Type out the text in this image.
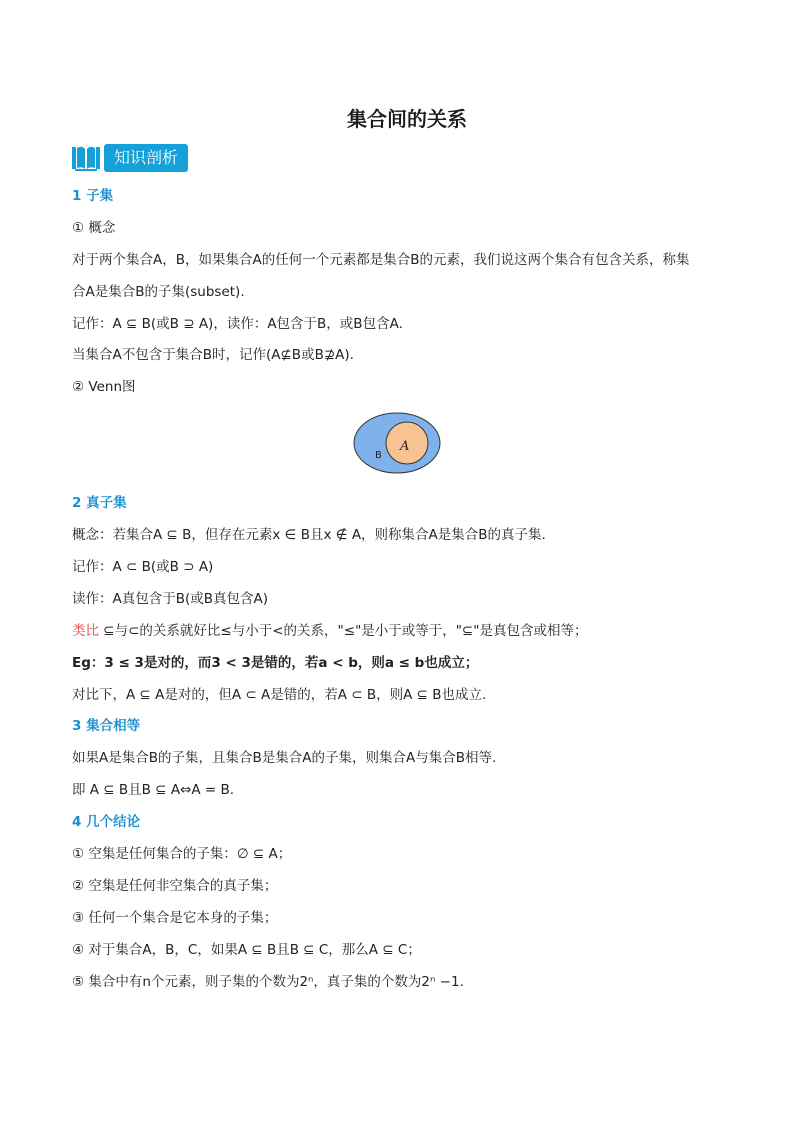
集合间的关系
知识剖析
1 子集
① 概念
对于两个集合A，B，如果集合A的任何一个元素都是集合B的元素，我们说这两个集合有包含关系，称集
合A是集合B的子集(subset).
记作：A ⊆ B(或B ⊇ A)，读作：A包含于B，或B包含A.
当集合A不包含于集合B时，记作(A⊈B或B⊉A).
② Venn图
B
A
2 真子集
概念：若集合A ⊆ B，但存在元素x ∈ B且x ∉ A，则称集合A是集合B的真子集.
记作：A ⊂ B(或B ⊃ A)
读作：A真包含于B(或B真包含A)
类比 ⊆与⊂的关系就好比≤与小于<的关系，"≤"是小于或等于，"⊆"是真包含或相等；
Eg：3 ≤ 3是对的，而3 < 3是错的，若a < b，则a ≤ b也成立；
对比下，A ⊆ A是对的，但A ⊂ A是错的，若A ⊂ B，则A ⊆ B也成立.
3 集合相等
如果A是集合B的子集，且集合B是集合A的子集，则集合A与集合B相等.
即 A ⊆ B且B ⊆ A⇔A = B.
4 几个结论
① 空集是任何集合的子集：∅ ⊆ A；
② 空集是任何非空集合的真子集；
③ 任何一个集合是它本身的子集；
④ 对于集合A，B，C，如果A ⊆ B且B ⊆ C，那么A ⊆ C；
⑤ 集合中有n个元素，则子集的个数为2ⁿ，真子集的个数为2ⁿ −1.
